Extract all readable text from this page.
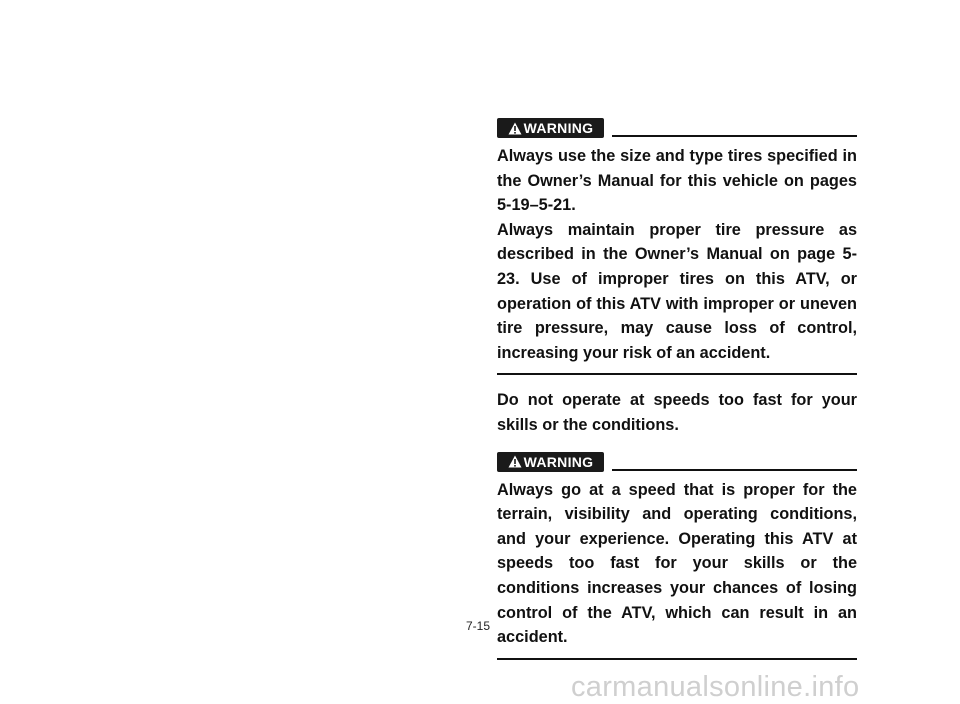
WARNING

Always use the size and type tires specified in the Owner’s Manual for this vehicle on pages 5-19–5-21.

Always maintain proper tire pressure as described in the Owner’s Manual on page 5-23. Use of improper tires on this ATV, or operation of this ATV with improper or uneven tire pressure, may cause loss of control, increasing your risk of an accident.

Do not operate at speeds too fast for your skills or the conditions.

WARNING

Always go at a speed that is proper for the terrain, visibility and operating conditions, and your experience. Operating this ATV at speeds too fast for your skills or the conditions increases your chances of losing control of the ATV, which can result in an accident.

7-15
carmanualsonline.info
